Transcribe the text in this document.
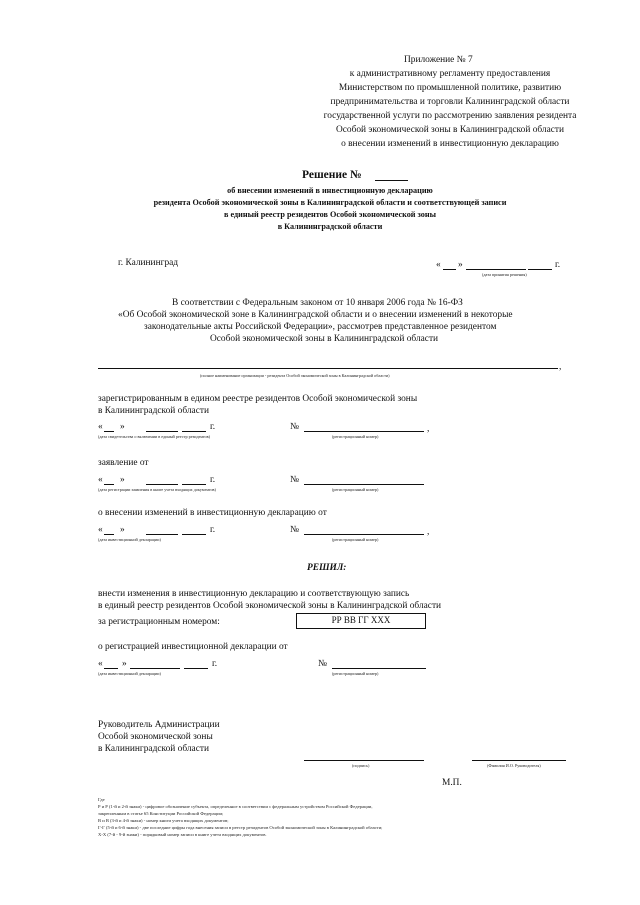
Приложение № 7
к административному регламенту предоставления
Министерством по промышленной политике, развитию
предпринимательства и торговли Калининградской области
государственной услуги по рассмотрению заявления резидента
Особой экономической зоны в Калининградской области
о внесении изменений в инвестиционную декларацию
Решение №
об внесении изменений в инвестиционную декларацию
резидента Особой экономической зоны в Калининградской области и соответствующей записи
в единый реестр резидентов Особой экономической зоны
в Калининградской области
г. Калининград	« »	г.
(дата принятия решения)
В соответствии с Федеральным законом от 10 января 2006 года № 16-ФЗ
«Об Особой экономической зоне в Калининградской области и о внесении изменений в некоторые
законодательные акты Российской Федерации», рассмотрев представленное резидентом
Особой экономической зоны в Калининградской области
,
(полное наименование организации - резидента Особой экономической зоны в Калининградской области)
зарегистрированным в едином реестре резидентов Особой экономической зоны
в Калининградской области
« »	г.	№	,
(дата свидетельства о включении в единый реестр резидентов)	(регистрационный номер)
заявление от
« »	г.	№
(дата регистрации заявления в книге учета входящих документов)	(регистрационный номер)
о внесении изменений в инвестиционную декларацию от
« »	г.	№	,
(дата инвестиционной декларации)	(регистрационный номер)
РЕШИЛ:
внести изменения в инвестиционную декларацию и соответствующую запись
в единый реестр резидентов Особой экономической зоны в Калининградской области
за регистрационным номером:	РР ВВ ГГ ХХХ
о регистрацией инвестиционной декларации от
« »	г.	№
(дата инвестиционной декларации)	(регистрационный номер)
Руководитель Администрации
Особой экономической зоны
в Калининградской области
(подпись)	(Фамилия И.О. Руководителя)
М.П.
Где
Р и Р (1-й и 2-й знаки) - цифровое обозначение субъекта, определенное в соответствии с федеральным устройством Российской Федерации,
закрепленным в статье 65 Конституции Российской Федерации;
В и В (3-й и 4-й знаки) - номер книги учета входящих документов;
Г-Г (5-й и 6-й знаки) - две последние цифры года внесения записи в реестр резидентов Особой экономической зоны в Калининградской области;
Х-Х (7-й - 9-й знаки) - порядковый номер записи в книге учета входящих документов.
